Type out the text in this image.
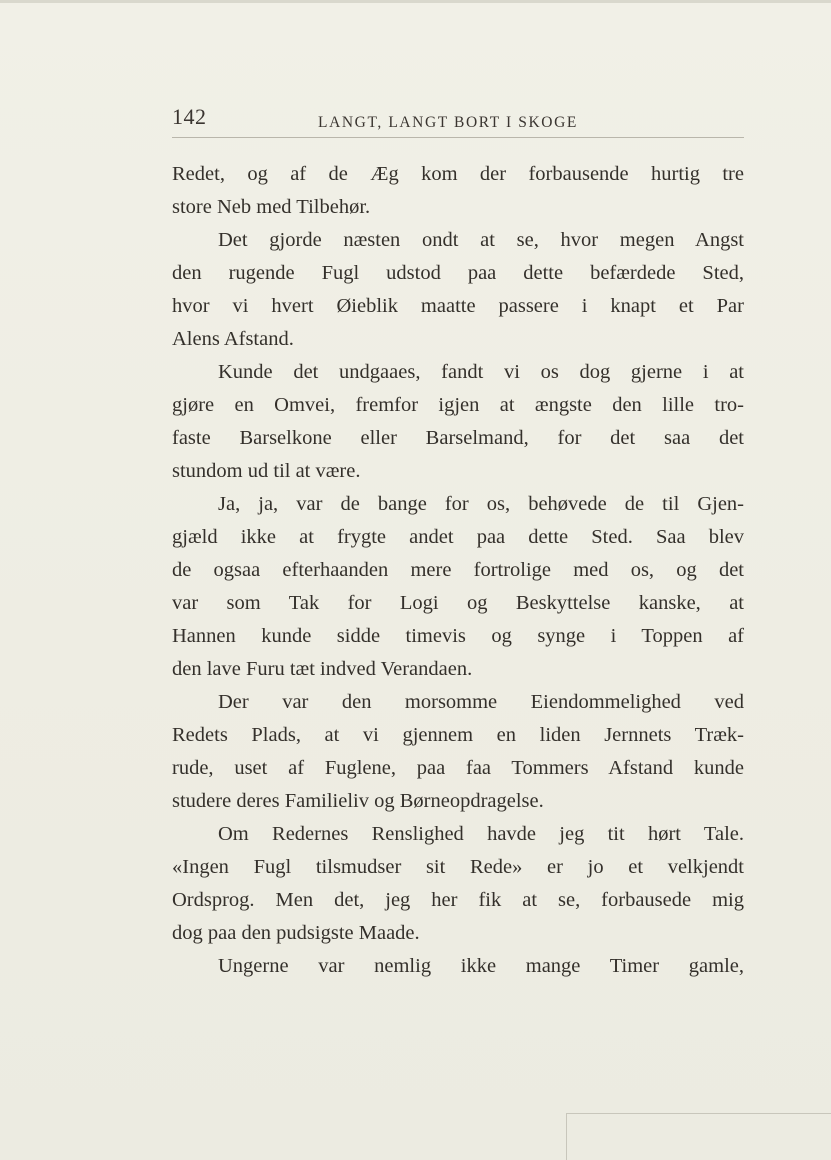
142	LANGT, LANGT BORT I SKOGE
Redet, og af de Æg kom der forbausende hurtig tre
store Neb med Tilbehør.
Det gjorde næsten ondt at se, hvor megen Angst
den rugende Fugl udstod paa dette befærdede Sted,
hvor vi hvert Øieblik maatte passere i knapt et Par
Alens Afstand.
Kunde det undgaaes, fandt vi os dog gjerne i at
gjøre en Omvei, fremfor igjen at ængste den lille tro-
faste Barselkone eller Barselmand, for det saa det
stundom ud til at være.
Ja, ja, var de bange for os, behøvede de til Gjen-
gjæld ikke at frygte andet paa dette Sted. Saa blev
de ogsaa efterhaanden mere fortrolige med os, og det
var som Tak for Logi og Beskyttelse kanske, at
Hannen kunde sidde timevis og synge i Toppen af
den lave Furu tæt indved Verandaen.
Der var den morsomme Eiendommelighed ved
Redets Plads, at vi gjennem en liden Jernnets Træk-
rude, uset af Fuglene, paa faa Tommers Afstand kunde
studere deres Familieliv og Børneopdragelse.
Om Redernes Renslighed havde jeg tit hørt Tale.
«Ingen Fugl tilsmudser sit Rede» er jo et velkjendt
Ordsprog. Men det, jeg her fik at se, forbausede mig
dog paa den pudsigste Maade.
Ungerne var nemlig ikke mange Timer gamle,
